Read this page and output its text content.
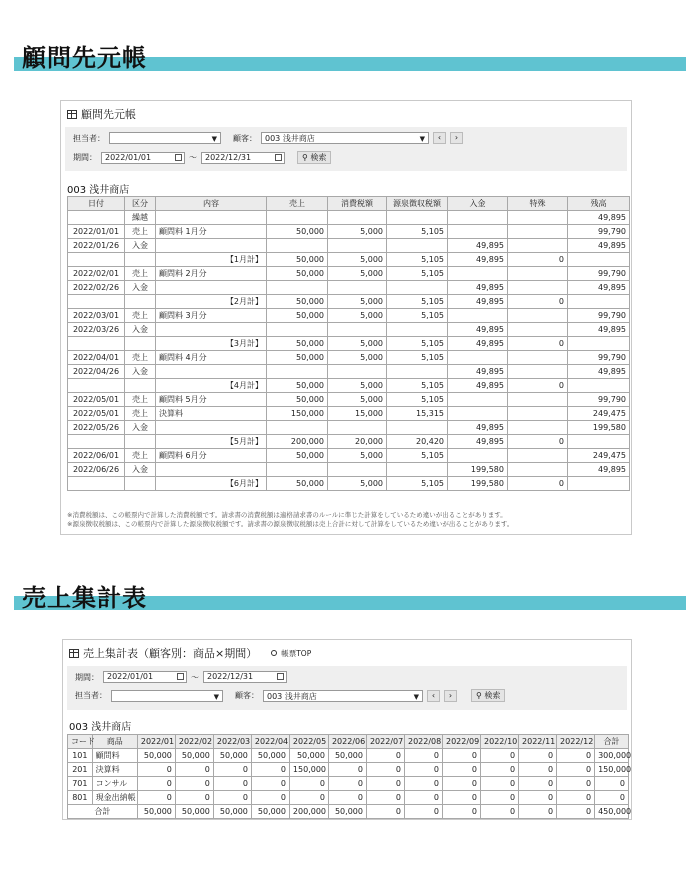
顧問先元帳
顧問先元帳
担当者：	▼ 顧客：	003 浅井商店	▼	‹	›
期間：	2022/01/01	～	2022/12/31	⚲ 検索
003 浅井商店
日付	区分	内容	売上	消費税額	源泉徴収税額	入金	特殊	残高
	繰越							49,895
2022/01/01	売上	顧問料 1月分	50,000	5,000	5,105			99,790
2022/01/26	入金					49,895		49,895
		【1月計】	50,000	5,000	5,105	49,895	0	
2022/02/01	売上	顧問料 2月分	50,000	5,000	5,105			99,790
2022/02/26	入金					49,895		49,895
		【2月計】	50,000	5,000	5,105	49,895	0	
2022/03/01	売上	顧問料 3月分	50,000	5,000	5,105			99,790
2022/03/26	入金					49,895		49,895
		【3月計】	50,000	5,000	5,105	49,895	0	
2022/04/01	売上	顧問料 4月分	50,000	5,000	5,105			99,790
2022/04/26	入金					49,895		49,895
		【4月計】	50,000	5,000	5,105	49,895	0	
2022/05/01	売上	顧問料 5月分	50,000	5,000	5,105			99,790
2022/05/01	売上	決算料	150,000	15,000	15,315			249,475
2022/05/26	入金					49,895		199,580
		【5月計】	200,000	20,000	20,420	49,895	0	
2022/06/01	売上	顧問料 6月分	50,000	5,000	5,105			249,475
2022/06/26	入金					199,580		49,895
		【6月計】	50,000	5,000	5,105	199,580	0	
※消費税額は、この帳票内で計算した消費税額です。請求書の消費税額は適格請求書のルールに準じた計算をしているため違いが出ることがあります。
※源泉徴収税額は、この帳票内で計算した源泉徴収税額です。請求書の源泉徴収税額は売上合計に対して計算をしているため違いが出ることがあります。
売上集計表
売上集計表（顧客別：商品×期間）	帳票TOP
期間：	2022/01/01	～	2022/12/31
担当者：	▼ 顧客：	003 浅井商店	▼	‹	›	⚲ 検索
003 浅井商店
コード	商品	2022/01	2022/02	2022/03	2022/04	2022/05	2022/06	2022/07	2022/08	2022/09	2022/10	2022/11	2022/12	合計
101	顧問料	50,000	50,000	50,000	50,000	50,000	50,000	0	0	0	0	0	0	300,000
201	決算料	0	0	0	0	150,000	0	0	0	0	0	0	0	150,000
701	コンサル	0	0	0	0	0	0	0	0	0	0	0	0	0
801	現金出納帳	0	0	0	0	0	0	0	0	0	0	0	0	0
合計		50,000	50,000	50,000	50,000	200,000	50,000	0	0	0	0	0	0	450,000
